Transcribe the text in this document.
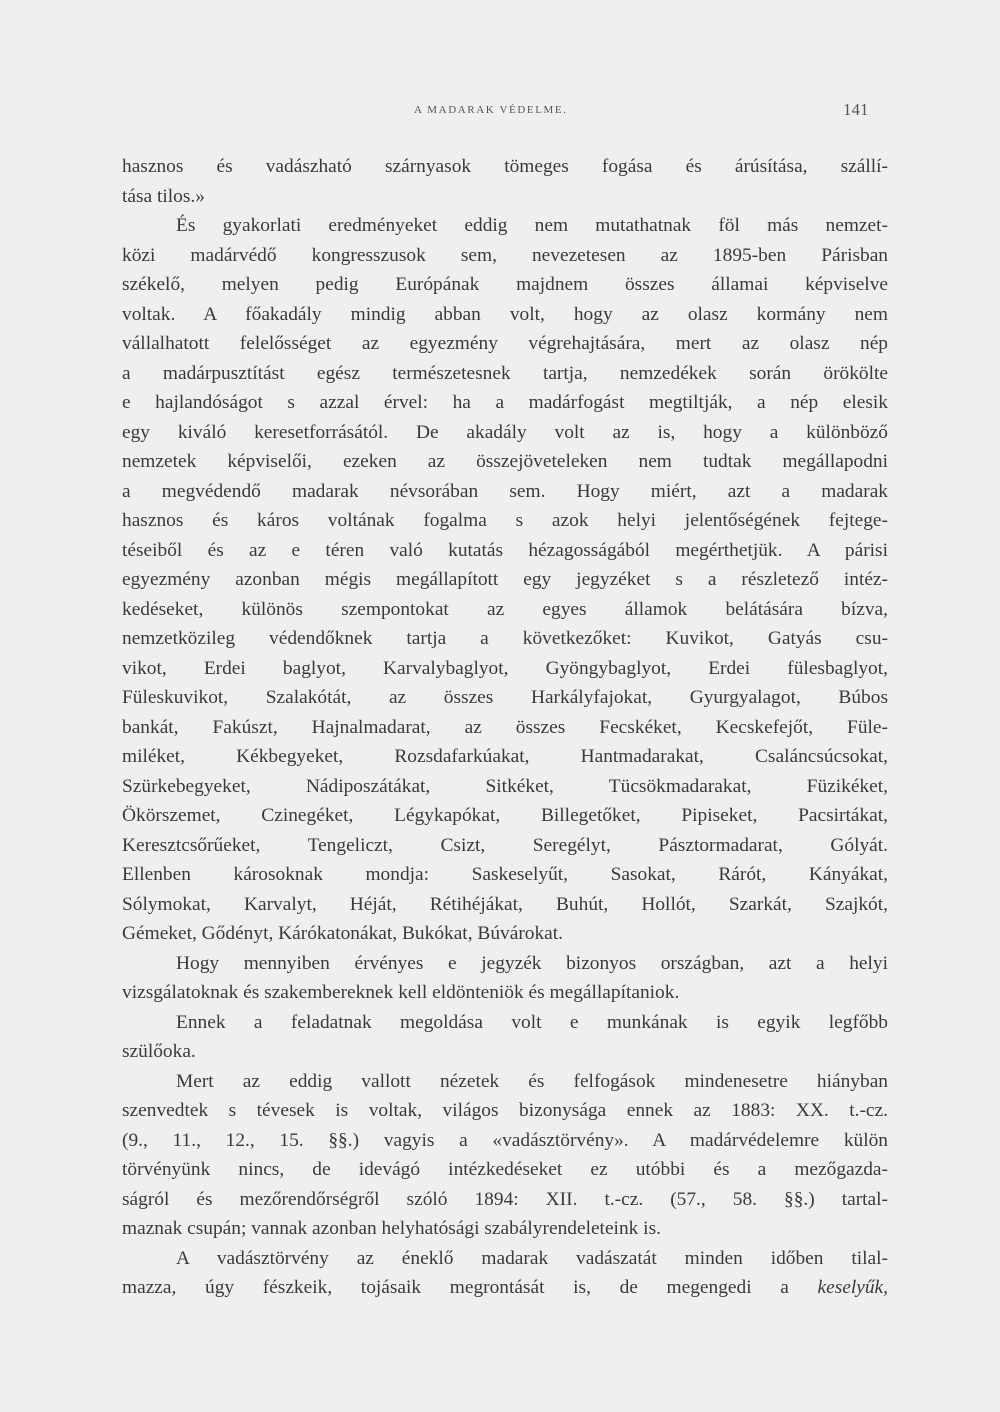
A MADARAK VÉDELME.	141
hasznos és vadászható szárnyasok tömeges fogása és árúsítása, szállí-
tása tilos.»
És gyakorlati eredményeket eddig nem mutathatnak föl más nemzet-
közi madárvédő kongresszusok sem, nevezetesen az 1895-ben Párisban
székelő, melyen pedig Európának majdnem összes államai képviselve
voltak. A főakadály mindig abban volt, hogy az olasz kormány nem
vállalhatott felelősséget az egyezmény végrehajtására, mert az olasz nép
a madárpusztítást egész természetesnek tartja, nemzedékek során örökölte
e hajlandóságot s azzal érvel: ha a madárfogást megtiltják, a nép elesik
egy kiváló keresetforrásától. De akadály volt az is, hogy a különböző
nemzetek képviselői, ezeken az összejöveteleken nem tudtak megállapodni
a megvédendő madarak névsorában sem. Hogy miért, azt a madarak
hasznos és káros voltának fogalma s azok helyi jelentőségének fejtege-
téseiből és az e téren való kutatás hézagosságából megérthetjük. A párisi
egyezmény azonban mégis megállapított egy jegyzéket s a részletező intéz-
kedéseket, különös szempontokat az egyes államok belátására bízva,
nemzetközileg védendőknek tartja a következőket: Kuvikot, Gatyás csu-
vikot, Erdei baglyot, Karvalybaglyot, Gyöngybaglyot, Erdei fülesbaglyot,
Füleskuvikot, Szalakótát, az összes Harkályfajokat, Gyurgyalagot, Búbos
bankát, Fakúszt, Hajnalmadarat, az összes Fecskéket, Kecskefejőt, Füle-
miléket, Kékbegyeket, Rozsdafarkúakat, Hantmadarakat, Csaláncsúcsokat,
Szürkebegyeket, Nádiposzátákat, Sitkéket, Tücsökmadarakat, Füzikéket,
Ökörszemet, Czinegéket, Légykapókat, Billegetőket, Pipiseket, Pacsirtákat,
Keresztcsőrűeket, Tengeliczt, Csizt, Seregélyt, Pásztormadarat, Gólyát.
Ellenben károsoknak mondja: Saskeselyűt, Sasokat, Rárót, Kányákat,
Sólymokat, Karvalyt, Héját, Rétihéjákat, Buhút, Hollót, Szarkát, Szajkót,
Gémeket, Gődényt, Kárókatonákat, Bukókat, Búvárokat.
Hogy mennyiben érvényes e jegyzék bizonyos országban, azt a helyi
vizsgálatoknak és szakembereknek kell eldönteniök és megállapítaniok.
Ennek a feladatnak megoldása volt e munkának is egyik legfőbb
szülőoka.
Mert az eddig vallott nézetek és felfogások mindenesetre hiányban
szenvedtek s tévesek is voltak, világos bizonysága ennek az 1883: XX. t.-cz.
(9., 11., 12., 15. §§.) vagyis a «vadásztörvény». A madárvédelemre külön
törvényünk nincs, de idevágó intézkedéseket ez utóbbi és a mezőgazda-
ságról és mezőrendőrségről szóló 1894: XII. t.-cz. (57., 58. §§.) tartal-
maznak csupán; vannak azonban helyhatósági szabályrendeleteink is.
A vadásztörvény az éneklő madarak vadászatát minden időben tilal-
mazza, úgy fészkeik, tojásaik megrontását is, de megengedi a keselyűk,
